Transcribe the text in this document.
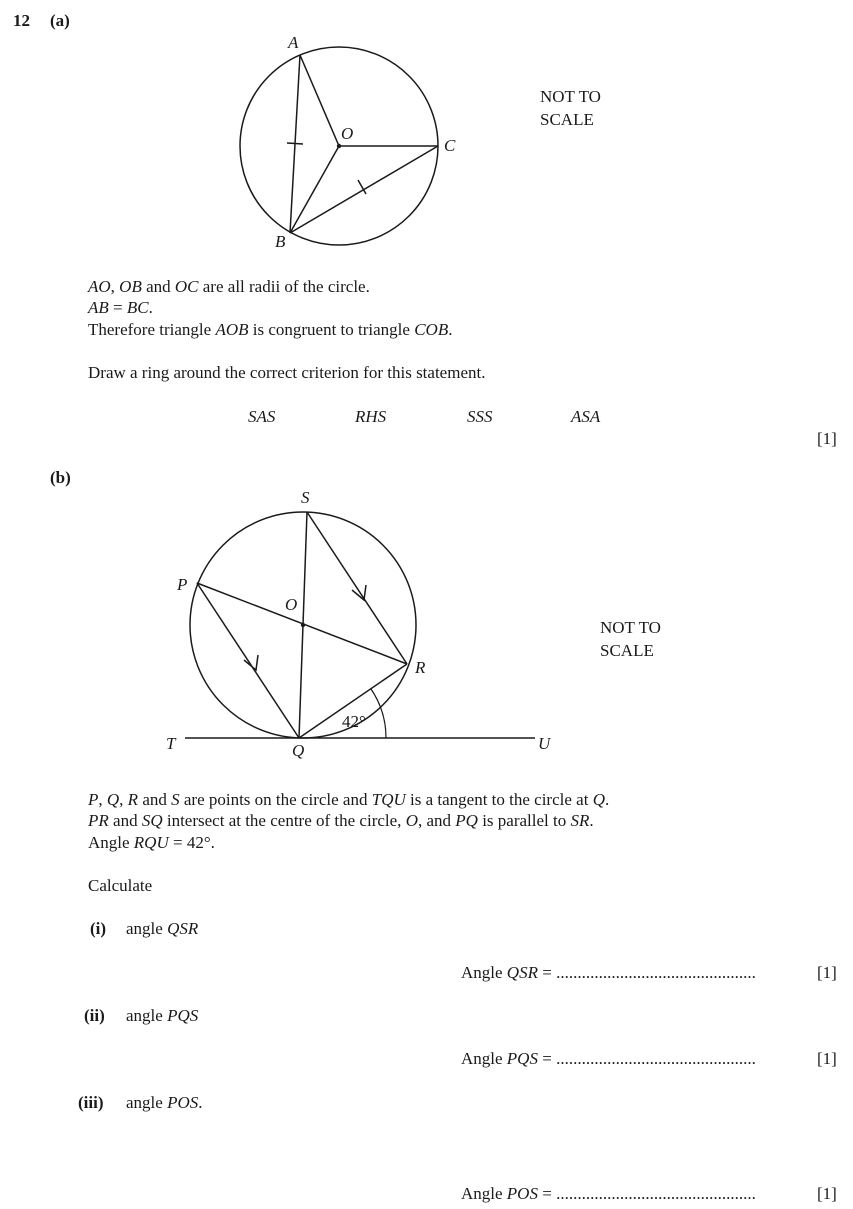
12 (a)
A
O
C
B
NOT TO
SCALE
AO, OB and OC are all radii of the circle.
AB = BC.
Therefore triangle AOB is congruent to triangle COB.
Draw a ring around the correct criterion for this statement.
SAS	RHS	SSS	ASA
[1]
(b)
S
P
O
R
T	Q	U
42°
NOT TO
SCALE
P, Q, R and S are points on the circle and TQU is a tangent to the circle at Q.
PR and SQ intersect at the centre of the circle, O, and PQ is parallel to SR.
Angle RQU = 42°.
Calculate
(i) angle QSR
Angle QSR = ...............................................	[1]
(ii) angle PQS
Angle PQS = ...............................................	[1]
(iii) angle POS.
Angle POS = ...............................................	[1]
